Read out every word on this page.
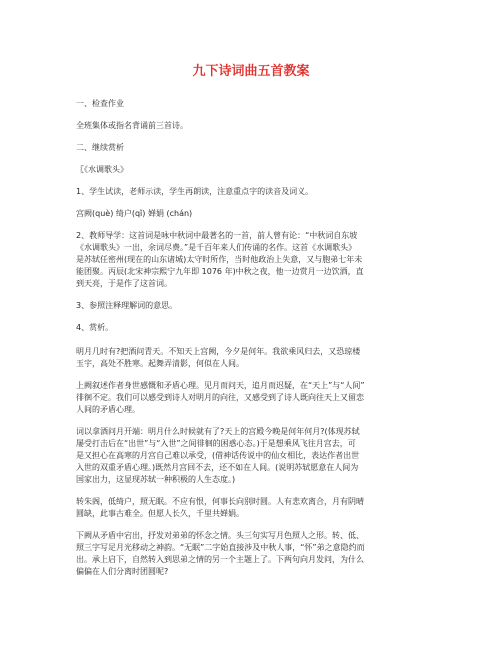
九下诗词曲五首教案
一、检查作业
全班集体或指名背诵前三首诗。
二、继续赏析
〖《水调歌头》
1、学生试读，老师示读，学生再朗读，注意重点字的读音及词义。
宫阙(què) 绮户(qǐ) 婵娟 (chán)

2、教师导学：这首词是咏中秋词中最著名的一首，前人曾有论：“中秋词自东坡

《水调歌头》一出，余词尽费。”是千百年来人们传诵的名作。这首《水调歌头》

是苏轼任密州(现在的山东诸城)太守时所作，当时他政治上失意，又与胞弟七年未

能团聚。丙辰(北宋神宗熙宁九年即 1076 年)中秋之夜，他一边赏月一边饮酒，直

到天亮，于是作了这首词。

3、参照注释理解词的意思。
4、赏析。

明月几时有?把酒问青天。不知天上宫阙，今夕是何年。我欲乘风归去，又恐琼楼

玉宇，高处不胜寒。起舞弄清影，何似在人间。

上阙叙述作者身世感慨和矛盾心理。见月而问天，追月而迟疑，在“天上”与“人间”

徘徊不定。我们可以感受到诗人对明月的向往，又感受到了诗人既向往天上又留恋

人间的矛盾心理。

词以拿酒问月开端：明月什么时候就有了?天上的宫殿今晚是何年何月?(体现苏轼

屡受打击后在“出世”与“入世”之间徘徊的困惑心态。)于是想乘风飞往月宫去，可

是又担心在高寒的月宫自己难以承受，(借神话传说中的仙女相比，表达作者出世

入世的双重矛盾心理。)既然月宫回不去，还不如在人间。(说明苏轼愿意在人间为

国家出力，这显现苏轼一种积极的人生态度。)

转朱阁，低绮户，照无眠。不应有恨，何事长向别时圆。人有悲欢离合，月有阴晴

圆缺，此事古难全。但愿人长久，千里共婵娟。

下阙从矛盾中宕出，抒发对弟弟的怀念之情。头三句实写月色照人之形。转、低、

照三字写足月光移动之神韵。“无眠”二字始直接涉及中秋人事，“怀”弟之意隐约而

出。承上启下，自然转入到思弟之情的另一个主题上了。下两句向月发问，为什么

偏偏在人们分离时团圆呢?
